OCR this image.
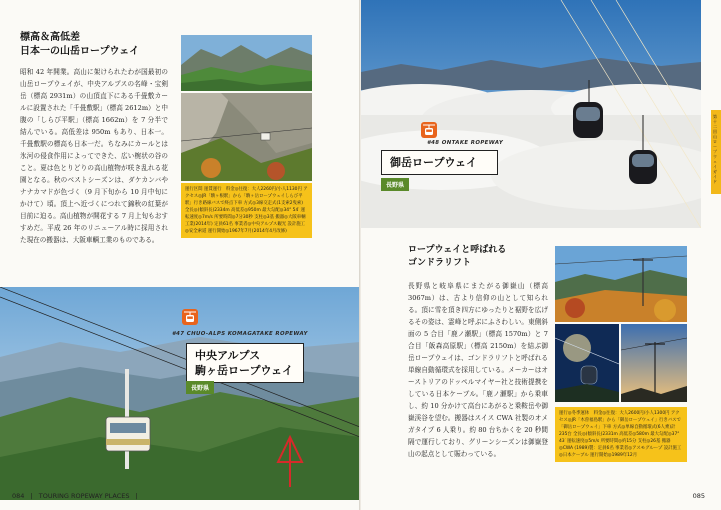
標高＆高低差
日本一の山岳ロープウェイ
昭和 42 年開業。高山に架けられたわが国最初の山岳ロープウェイが、中央アルプスの名峰・宝剣岳（標高 2931m）の山頂直下にある千畳敷カールに設置された「千畳敷駅」（標高 2612m）と中腹の「しらび平駅」（標高 1662m）を 7 分半で結んでいる。高低差は 950m もあり、日本一。千畳敷駅の標高も日本一だ。ちなみにカールとは氷河の侵食作用によってできた、広い椀状の谷のこと。夏は色とりどりの高山植物が咲き乱れる花園となる。秋のベストシーズンは、ダケカンバやナナカマドが色づく（9 月下旬から 10 月中旬にかけて）頃。頂上へ近づくにつれて錦秋の紅葉が目前に迫る。高山植物が開花する 7 月上旬もおすすめだ。平成 26 年のリニューアル時に採用された現在の搬器は、大阪車輌工業のものである。
運行区間 運賃運行　料金◎往復：大人2260円/小人1130円 アクセス◎JR「駒ヶ根駅」から「駒ヶ岳ロープウェイしらび平駅」行き路線バスで終点下車 方式◎3線交走式(1支索2曳索) 全長◎(傾斜長)2334m 高低差◎950m 最大勾配◎34° 54′ 運転速度◎7m/s 所要時間◎7分30秒 支柱◎3基 搬器◎大阪車輌工業(2014年) 定員61名 事業者◎中央アルプス観光 設計施工◎安全索道 運行開始◎1967年7月(2014年4月改修)
#47 CHUO-ALPS KOMAGATAKE ROPEWAY
中央アルプス
駒ヶ岳ロープウェイ
長野県
084 | TOURING ROPEWAY PLACES |
#48 ONTAKE ROPEWAY
御岳ロープウェイ
長野県
第十二回山ロープウェイガイド
ロープウェイと呼ばれる
ゴンドラリフト
長野県と岐阜県にまたがる御嶽山（標高 3067m）は、古より信仰の山として知られる。頂に雪を頂き四方にゆったりと裾野を広げるその姿は、霊峰と呼ぶにふさわしい。東側斜面の 5 合目「鹿ノ瀬駅」（標高 1570m）と 7 合目「飯森高原駅」（標高 2150m）を結ぶ御岳ロープウェイは、ゴンドラリフトと呼ばれる単線自動循環式を採用している。メーカーはオーストリアのドッペルマイヤー社と技術提携をしている日本ケーブル。「鹿ノ瀬駅」から乗車し、約 10 分かけて高台にあがると乗鞍岳や御嶽渓谷を望む。搬器はスイス CWA 社製のオメガタイプ 6 人乗り。約 80 台ちかくを 20 秒間隔で運行しており、グリーンシーズンは御嶽登山の起点として賑わっている。
運行◎冬季運休　料金◎往復：大人2600円/小人1300円 アクセス◎JR「木曽福島駅」から「御岳ロープウェイ」行きバスで「御岳ロープウェイ」下車 方式◎単線自動循環式(6人乗)計235台 全長◎(傾斜長)2331m 高低差◎580m 最大勾配◎37° 43′ 運転速度◎5m/s 所要時間◎約15分 支柱◎26基 搬器◎CWA (1989)製：定員6名 事業者◎アスモグループ 設計施工◎日本ケーブル 運行開始◎1989年12月
085
